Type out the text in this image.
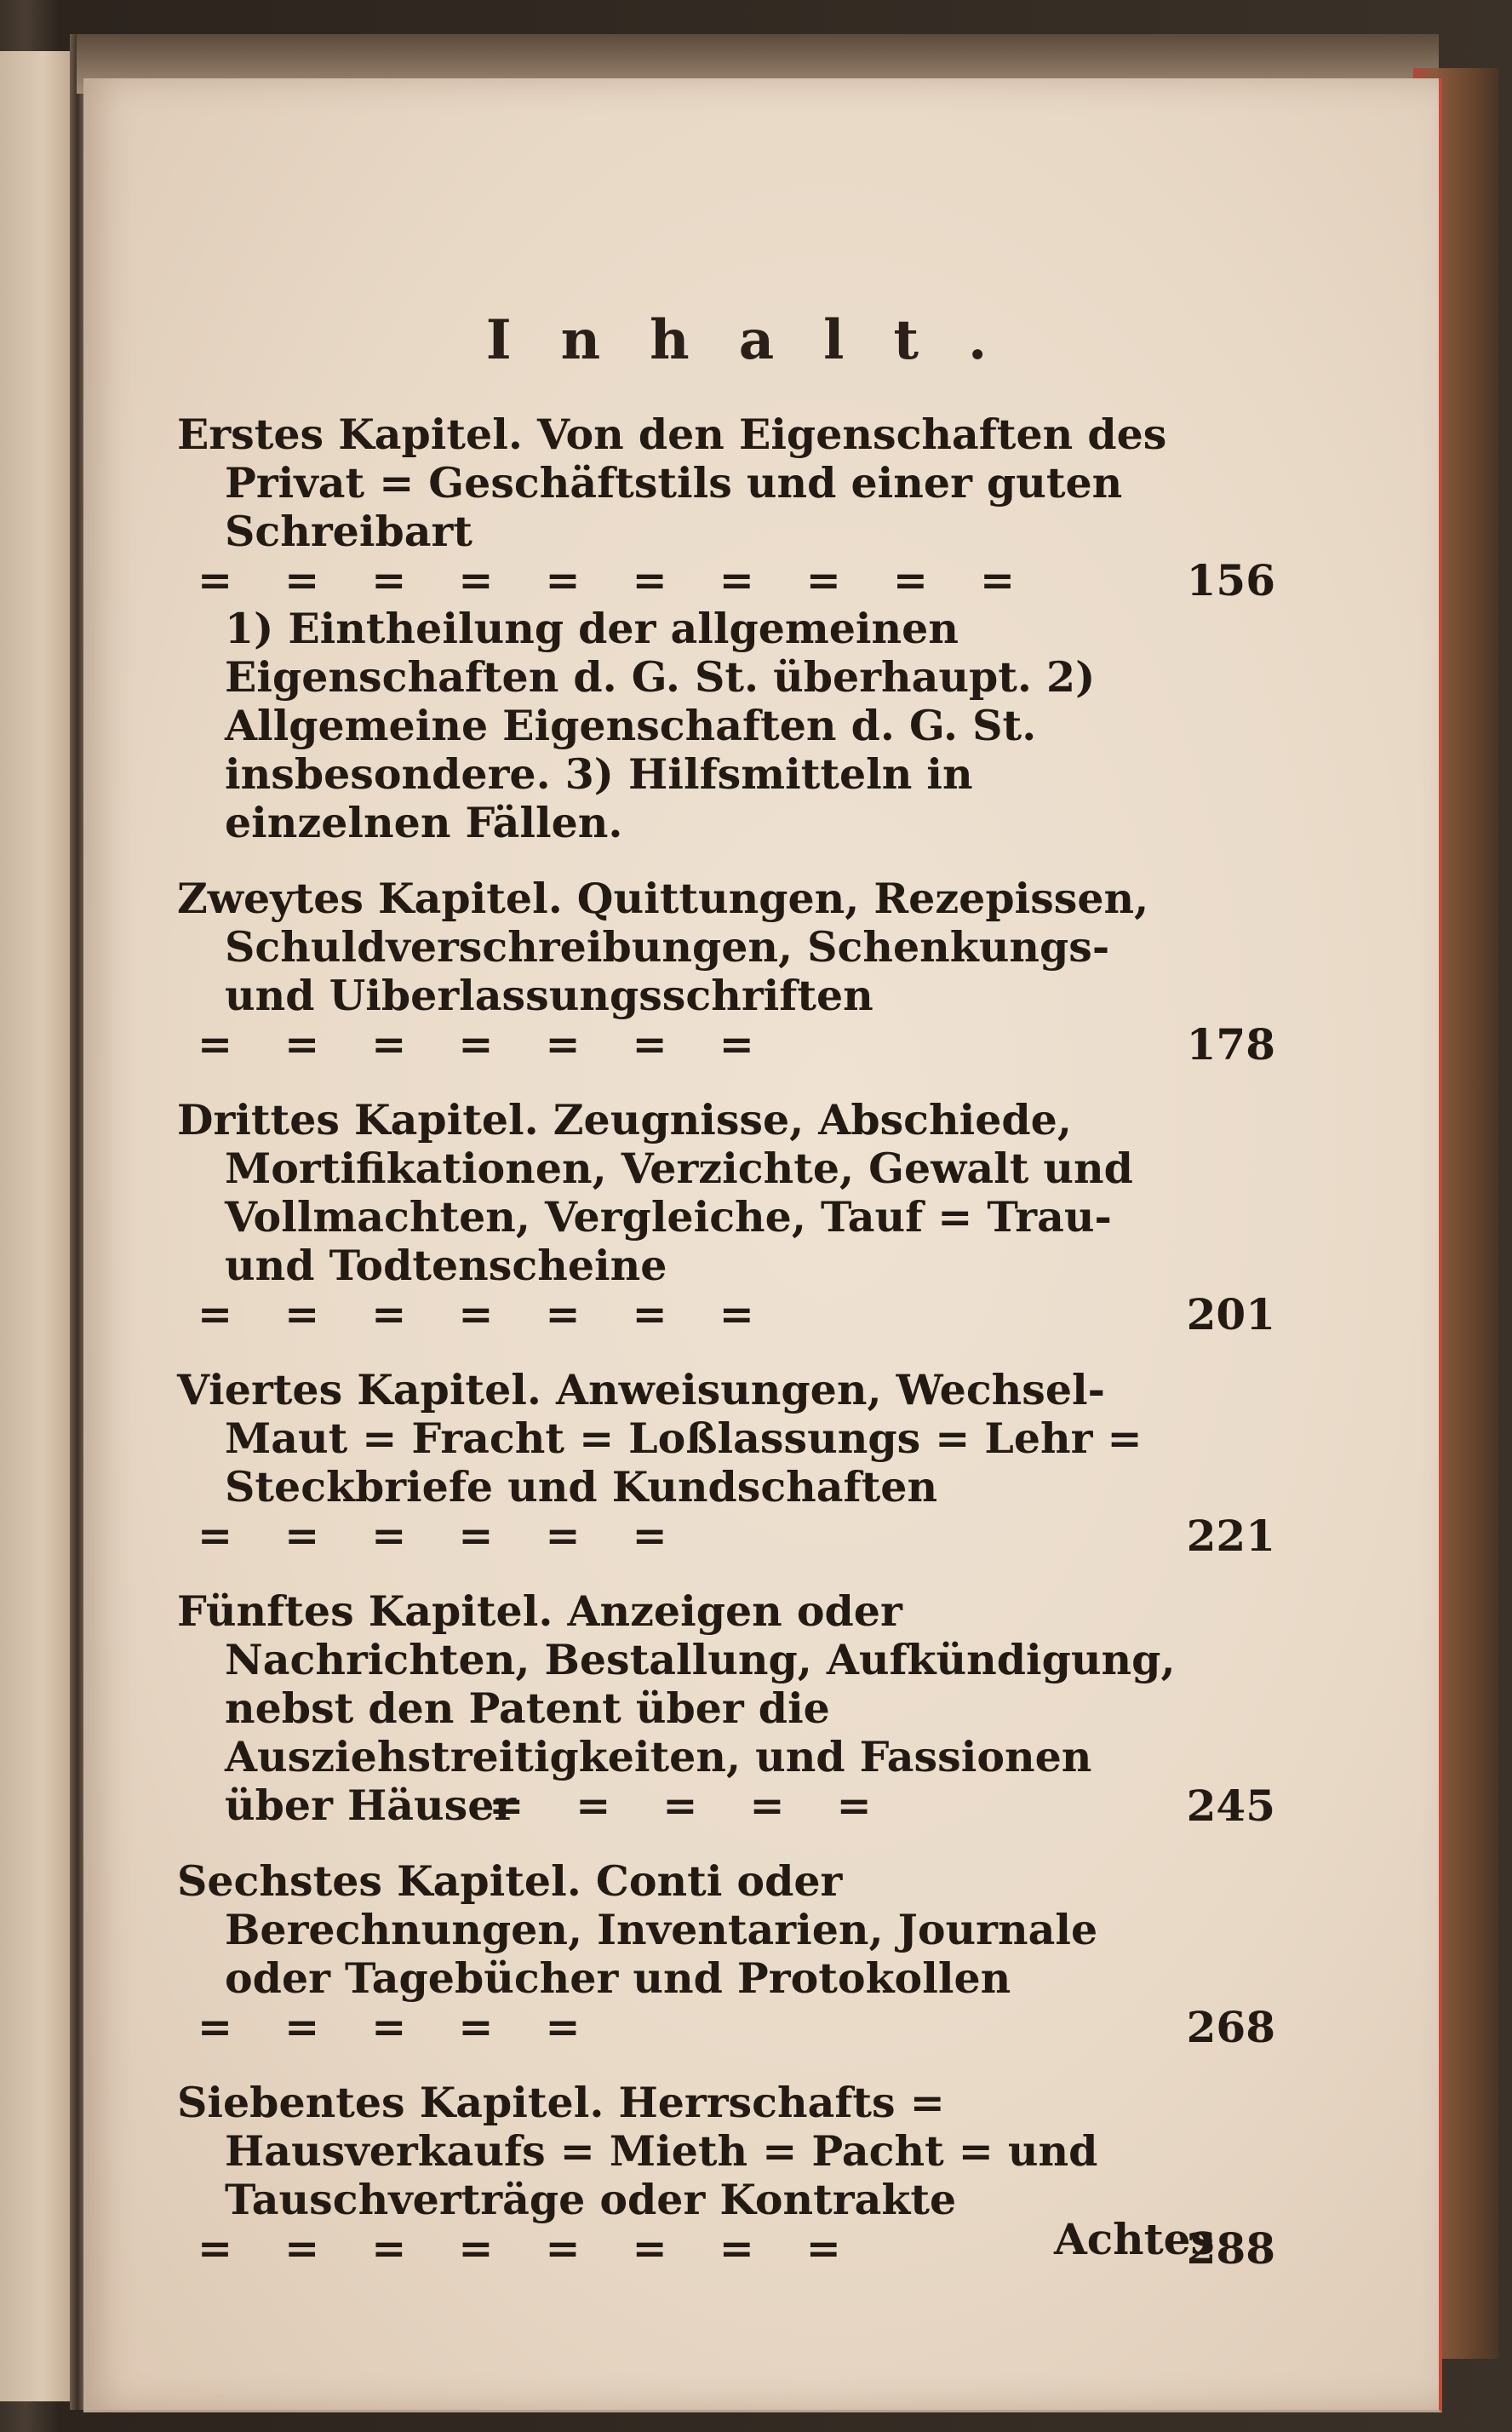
Inhalt.
Erstes Kapitel. Von den Eigenschaften des Privat = Geschäftstils und einer guten Schreibart= = = = = = = = = =	156
1) Eintheilung der allgemeinen Eigenschaften d. G. St. überhaupt. 2) Allgemeine Eigenschaften d. G. St. insbesondere. 3) Hilfsmitteln in einzelnen Fällen.
Zweytes Kapitel. Quittungen, Rezepissen, Schuldverschreibungen, Schenkungs- und Uiberlassungsschriften= = = = = = =	178
Drittes Kapitel. Zeugnisse, Abschiede, Mortifikationen, Verzichte, Gewalt und Vollmachten, Vergleiche, Tauf = Trau- und Todtenscheine= = = = = = =	201
Viertes Kapitel. Anweisungen, Wechsel- Maut = Fracht = Loßlassungs = Lehr = Steckbriefe und Kundschaften= = = = = =	221
Fünftes Kapitel. Anzeigen oder Nachrichten, Bestallung, Aufkündigung, nebst den Patent über die Ausziehstreitigkeiten, und Fassionen über Häuser= = = = =	245
Sechstes Kapitel. Conti oder Berechnungen, Inventarien, Journale oder Tagebücher und Protokollen= = = = =	268
Siebentes Kapitel. Herrschafts = Hausverkaufs = Mieth = Pacht = und Tauschverträge oder Kontrakte= = = = = = = =	288
Achtes
